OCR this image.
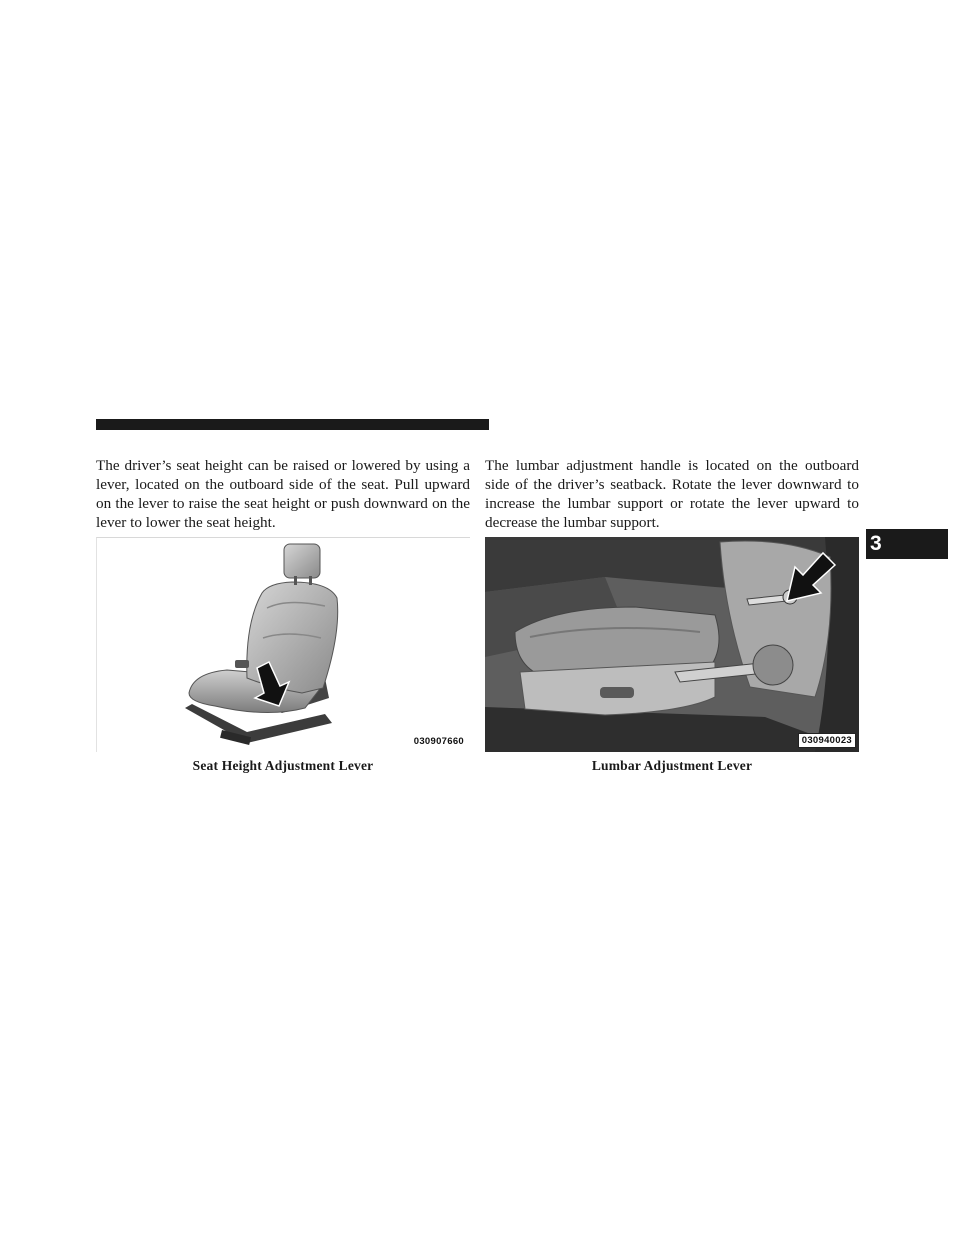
The driver’s seat height can be raised or lowered by using a lever, located on the outboard side of the seat. Pull upward on the lever to raise the seat height or push downward on the lever to lower the seat height.

The lumbar adjustment handle is located on the outboard side of the driver’s seatback. Rotate the lever downward to increase the lumbar support or rotate the lever upward to decrease the lumbar support.

030907660	030940023

Seat Height Adjustment Lever	Lumbar Adjustment Lever

3
